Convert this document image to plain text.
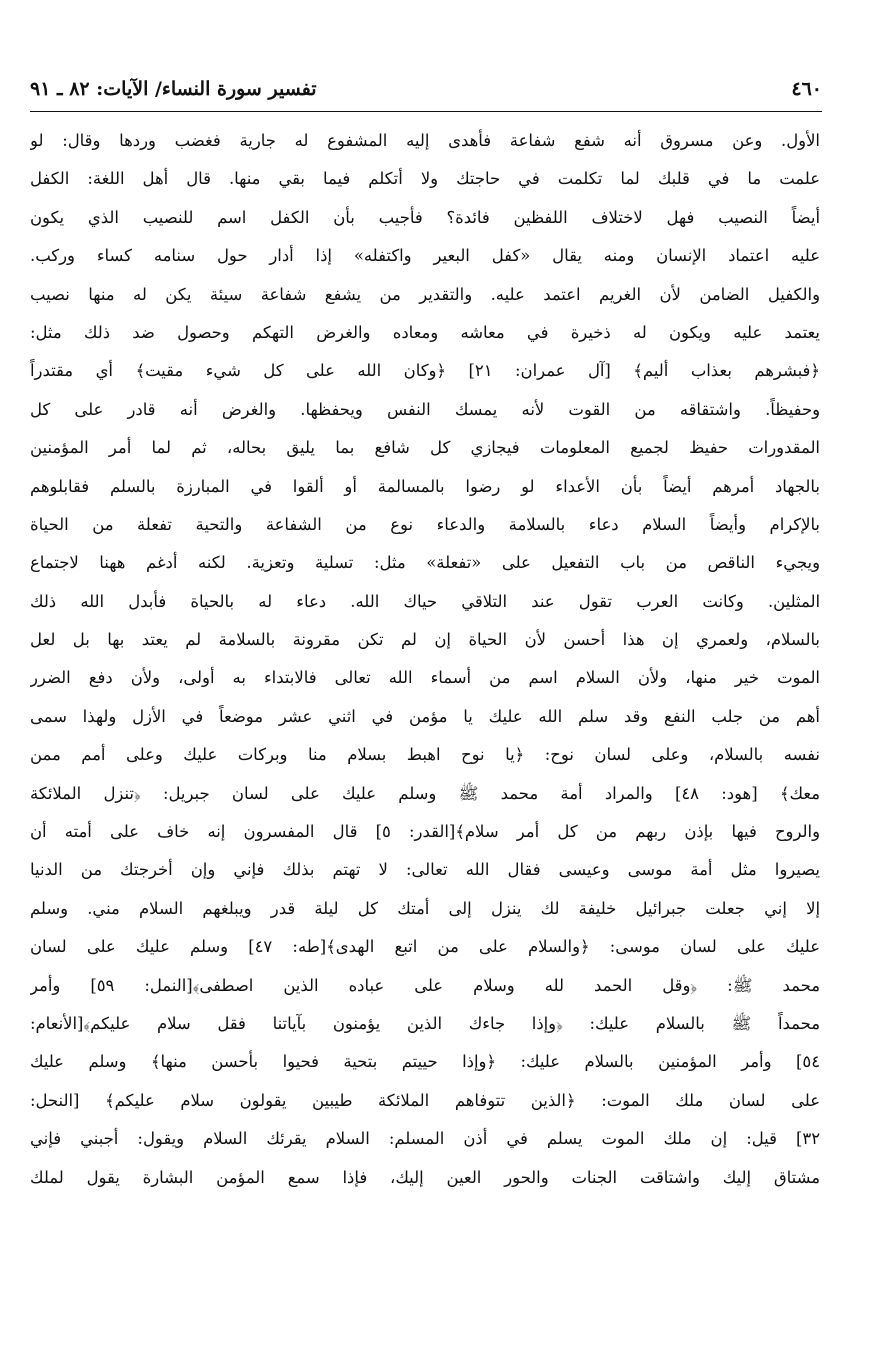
٤٦٠
تفسير سورة النساء/ الآيات: ٨٢ ـ ٩١
الأول. وعن مسروق أنه شفع شفاعة فأهدى إليه المشفوع له جارية فغضب وردها وقال: لو
علمت ما في قلبك لما تكلمت في حاجتك ولا أتكلم فيما بقي منها. قال أهل اللغة: الكفل
أيضاً النصيب فهل لاختلاف اللفظين فائدة؟ فأجيب بأن الكفل اسم للنصيب الذي يكون
عليه اعتماد الإنسان ومنه يقال «كفل البعير واكتفله» إذا أدار حول سنامه كساء وركب.
والكفيل الضامن لأن الغريم اعتمد عليه. والتقدير من يشفع شفاعة سيئة يكن له منها نصيب
يعتمد عليه ويكون له ذخيرة في معاشه ومعاده والغرض التهكم وحصول ضد ذلك مثل:
﴿فبشرهم بعذاب أليم﴾ [آل عمران: ٢١] ﴿وكان الله على كل شيء مقيت﴾ أي مقتدراً
وحفيظاً. واشتقاقه من القوت لأنه يمسك النفس ويحفظها. والغرض أنه قادر على كل
المقدورات حفيظ لجميع المعلومات فيجازي كل شافع بما يليق بحاله، ثم لما أمر المؤمنين
بالجهاد أمرهم أيضاً بأن الأعداء لو رضوا بالمسالمة أو ألقوا في المبارزة بالسلم فقابلوهم
بالإكرام وأيضاً السلام دعاء بالسلامة والدعاء نوع من الشفاعة والتحية تفعلة من الحياة
ويجيء الناقص من باب التفعيل على «تفعلة» مثل: تسلية وتعزية. لكنه أدغم ههنا لاجتماع
المثلين. وكانت العرب تقول عند التلاقي حياك الله. دعاء له بالحياة فأبدل الله ذلك
بالسلام، ولعمري إن هذا أحسن لأن الحياة إن لم تكن مقرونة بالسلامة لم يعتد بها بل لعل
الموت خير منها، ولأن السلام اسم من أسماء الله تعالى فالابتداء به أولى، ولأن دفع الضرر
أهم من جلب النفع وقد سلم الله عليك يا مؤمن في اثني عشر موضعاً في الأزل ولهذا سمى
نفسه بالسلام، وعلى لسان نوح: ﴿يا نوح اهبط بسلام منا وبركات عليك وعلى أمم ممن
معك﴾ [هود: ٤٨] والمراد أمة محمد ﷺ وسلم عليك على لسان جبريل: ﴿تنزل الملائكة
والروح فيها بإذن ربهم من كل أمر سلام﴾[القدر: ٥] قال المفسرون إنه خاف على أمته أن
يصيروا مثل أمة موسى وعيسى فقال الله تعالى: لا تهتم بذلك فإني وإن أخرجتك من الدنيا
إلا إني جعلت جبرائيل خليفة لك ينزل إلى أمتك كل ليلة قدر ويبلغهم السلام مني. وسلم
عليك على لسان موسى: ﴿والسلام على من اتبع الهدى﴾[طه: ٤٧] وسلم عليك على لسان
محمد ﷺ: ﴿وقل الحمد لله وسلام على عباده الذين اصطفى﴾[النمل: ٥٩] وأمر
محمداً ﷺ بالسلام عليك: ﴿وإذا جاءك الذين يؤمنون بآياتنا فقل سلام عليكم﴾[الأنعام:
٥٤] وأمر المؤمنين بالسلام عليك: ﴿وإذا حييتم بتحية فحيوا بأحسن منها﴾ وسلم عليك
على لسان ملك الموت: ﴿الذين تتوفاهم الملائكة طيبين يقولون سلام عليكم﴾ [النحل:
٣٢] قيل: إن ملك الموت يسلم في أذن المسلم: السلام يقرئك السلام ويقول: أجبني فإني
مشتاق إليك واشتاقت الجنات والحور العين إليك، فإذا سمع المؤمن البشارة يقول لملك
